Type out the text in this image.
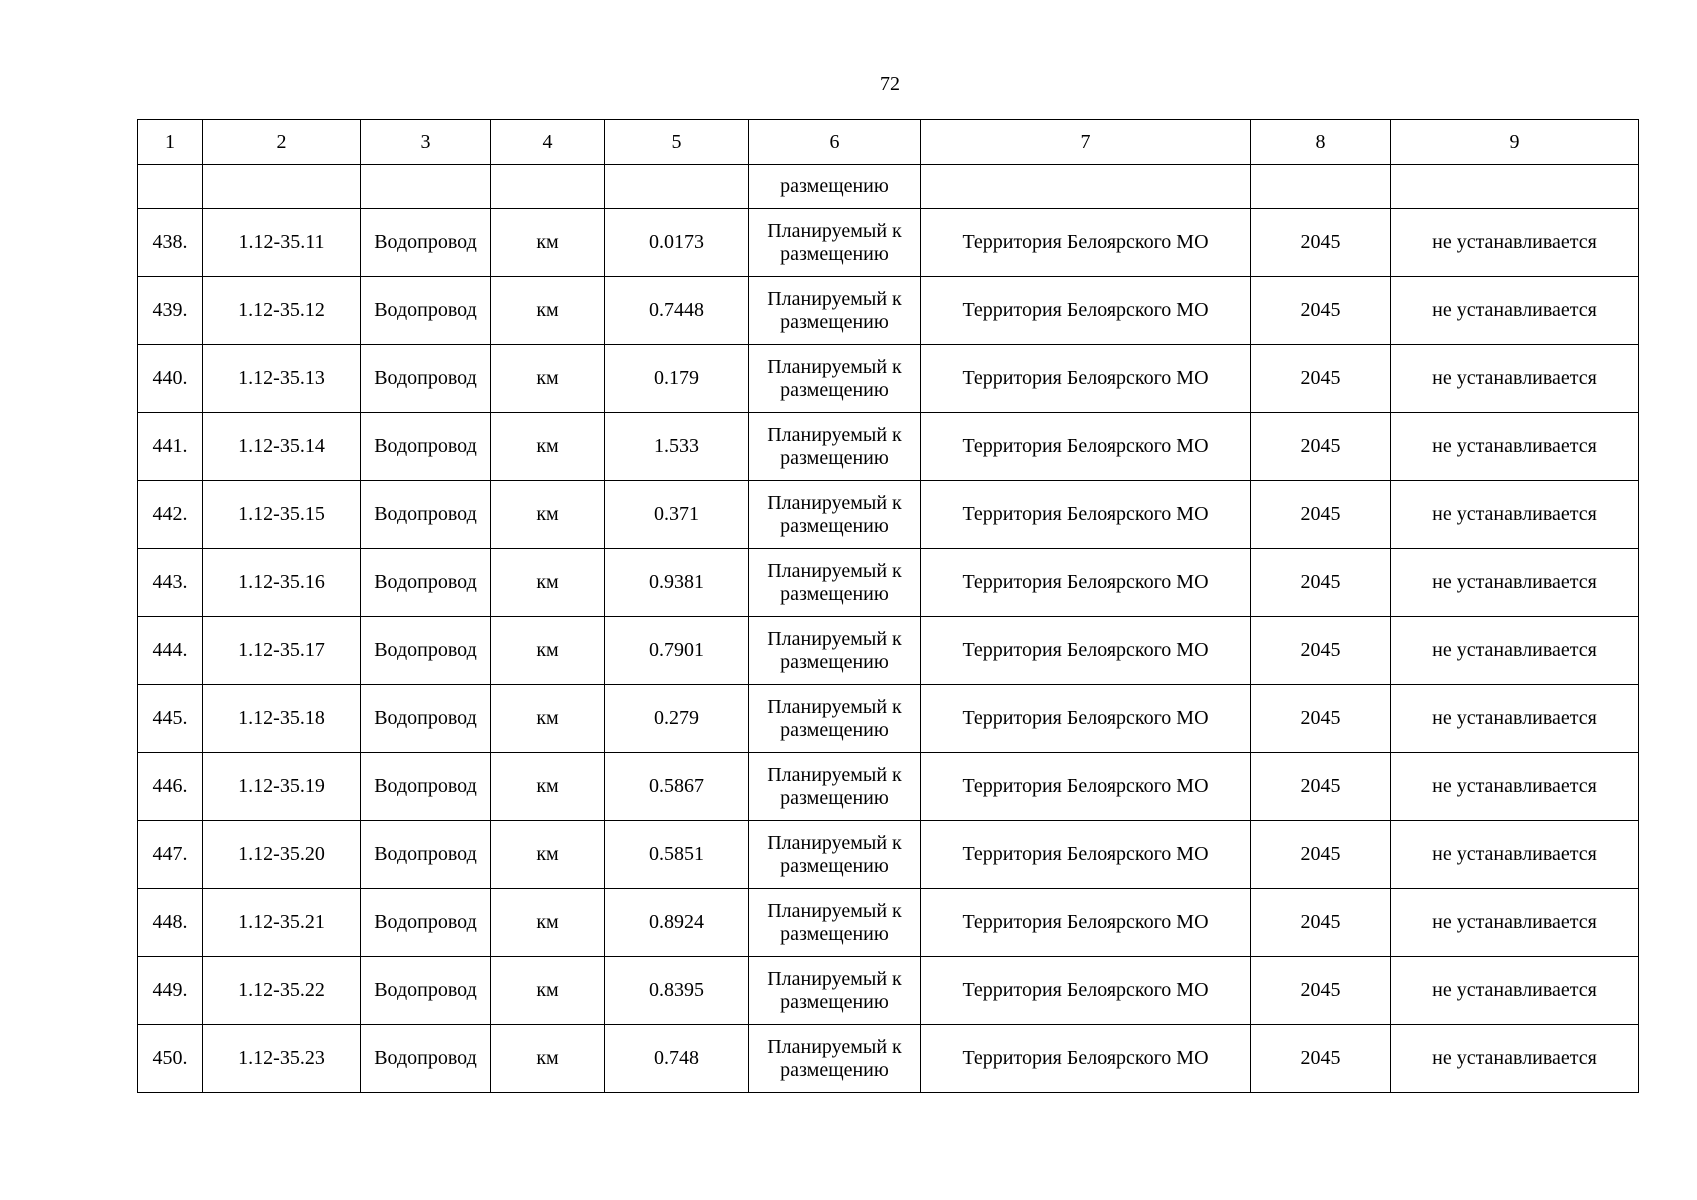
72
1	2	3	4	5	6	7	8	9
					размещению			
438.	1.12-35.11	Водопровод	км	0.0173	Планируемый к размещению	Территория Белоярского МО	2045	не устанавливается
439.	1.12-35.12	Водопровод	км	0.7448	Планируемый к размещению	Территория Белоярского МО	2045	не устанавливается
440.	1.12-35.13	Водопровод	км	0.179	Планируемый к размещению	Территория Белоярского МО	2045	не устанавливается
441.	1.12-35.14	Водопровод	км	1.533	Планируемый к размещению	Территория Белоярского МО	2045	не устанавливается
442.	1.12-35.15	Водопровод	км	0.371	Планируемый к размещению	Территория Белоярского МО	2045	не устанавливается
443.	1.12-35.16	Водопровод	км	0.9381	Планируемый к размещению	Территория Белоярского МО	2045	не устанавливается
444.	1.12-35.17	Водопровод	км	0.7901	Планируемый к размещению	Территория Белоярского МО	2045	не устанавливается
445.	1.12-35.18	Водопровод	км	0.279	Планируемый к размещению	Территория Белоярского МО	2045	не устанавливается
446.	1.12-35.19	Водопровод	км	0.5867	Планируемый к размещению	Территория Белоярского МО	2045	не устанавливается
447.	1.12-35.20	Водопровод	км	0.5851	Планируемый к размещению	Территория Белоярского МО	2045	не устанавливается
448.	1.12-35.21	Водопровод	км	0.8924	Планируемый к размещению	Территория Белоярского МО	2045	не устанавливается
449.	1.12-35.22	Водопровод	км	0.8395	Планируемый к размещению	Территория Белоярского МО	2045	не устанавливается
450.	1.12-35.23	Водопровод	км	0.748	Планируемый к размещению	Территория Белоярского МО	2045	не устанавливается
